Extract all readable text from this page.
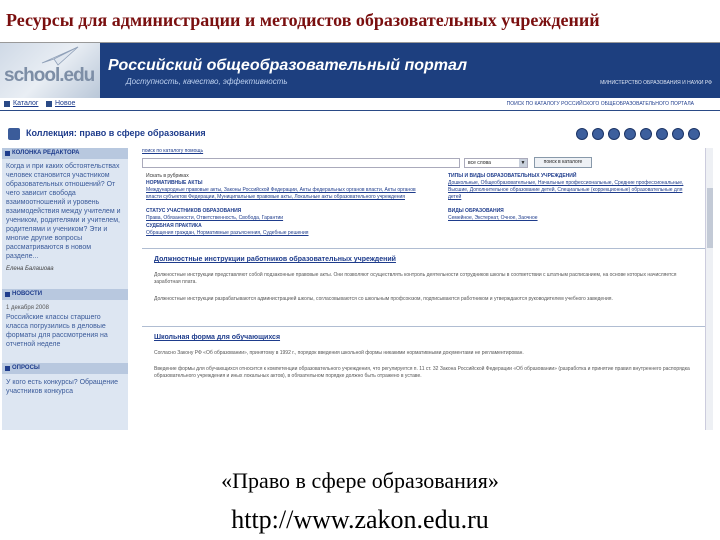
Ресурсы для администрации и методистов образовательных учреждений
school.edu Российский общеобразовательный портал
Доступность, качество, эффективность	МИНИСТЕРСТВО ОБРАЗОВАНИЯ И НАУКИ РФ
Каталог Новое	ПОИСК ПО КАТАЛОГУ РОССИЙСКОГО ОБЩЕОБРАЗОВАТЕЛЬНОГО ПОРТАЛА
Коллекция: право в сфере образования
КОЛОНКА РЕДАКТОРА
Когда и при каких обстоятельствах человек становится участником образовательных отношений? От чего зависит свобода взаимоотношений и уровень взаимодействия между учителем и учеником, родителями и учителем, родителями и учеником? Эти и многие другие вопросы рассматриваются в новом разделе...
Елена Балашова
НОВОСТИ
1 декабря 2008
Российские классы старшего класса погрузились в деловые форматы для рассмотрения на отчетной неделе
ОПРОСЫ
У кого есть конкурсы? Обращение участников конкурса
поиск по каталогу помощь
все слова	▼	поиск в каталоге
Искать в рубриках
НОРМАТИВНЫЕ АКТЫ
Международные правовые акты, Законы Российской Федерации, Акты федеральных органов власти, Акты органов власти субъектов Федерации, Муниципальные правовые акты, Локальные акты образовательного учреждения
СТАТУС УЧАСТНИКОВ ОБРАЗОВАНИЯ
Права, Обязанности, Ответственность, Свобода, Гарантии
СУДЕБНАЯ ПРАКТИКА
Обращения граждан, Нормативные разъяснения, Судебные решения
ТИПЫ И ВИДЫ ОБРАЗОВАТЕЛЬНЫХ УЧРЕЖДЕНИЙ
Дошкольные, Общеобразовательные, Начальные профессиональные, Средние профессиональные, Высшие, Дополнительное образование детей, Специальные (коррекционные) образовательные для детей
ВИДЫ ОБРАЗОВАНИЯ
Семейное, Экстернат, Очное, Заочное
Должностные инструкции работников образовательных учреждений
Должностные инструкции представляют собой подзаконные правовые акты. Они позволяют осуществлять контроль деятельности сотрудников школы в соответствии с штатным расписанием, на основе которых начисляется заработная плата.
Должностные инструкции разрабатываются администрацией школы, согласовываются со школьным профсоюзом, подписываются работником и утверждаются руководителем учебного заведения.
Школьная форма для обучающихся
Согласно Закону РФ «Об образовании», принятому в 1992 г., порядок введения школьной формы никакими нормативными документами не регламентирован.
Введение формы для обучающихся относится к компетенции образовательного учреждения, что регулируется п. 11 ст. 32 Закона Российской Федерации «Об образовании» (разработка и принятие правил внутреннего распорядка образовательного учреждения и иных локальных актов), в обязательном порядке должно быть отражено в уставе.
«Право в сфере образования»
http://www.zakon.edu.ru
